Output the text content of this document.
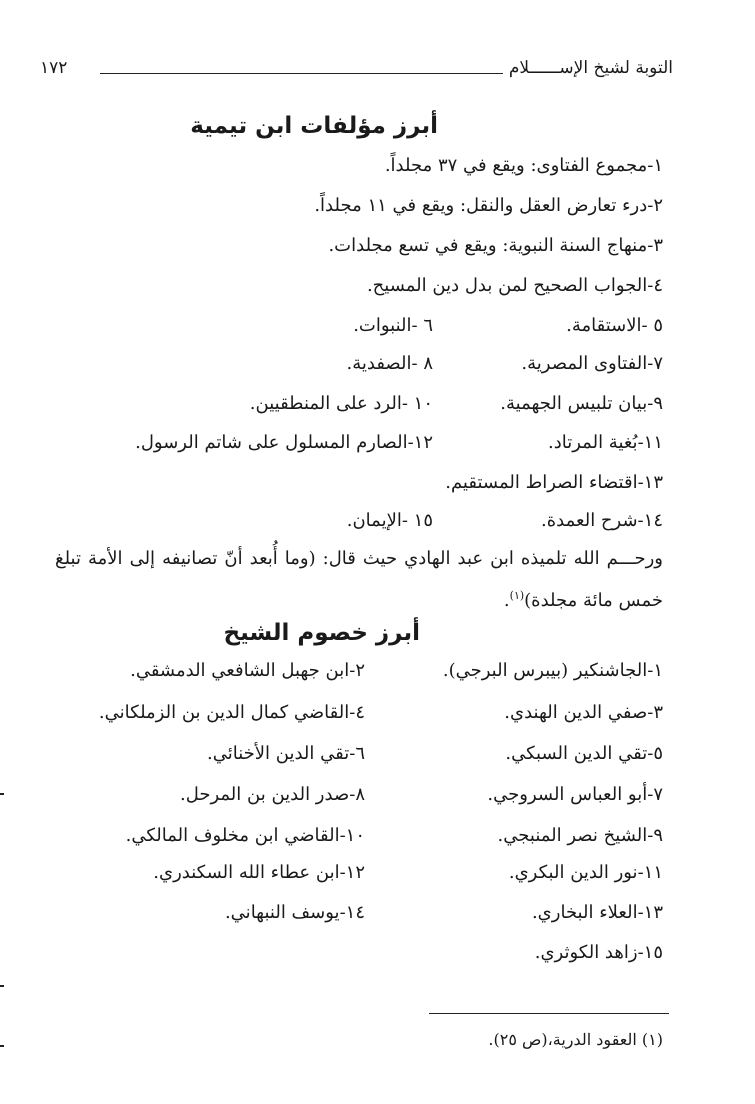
التوبة لشيخ الإســــــلام
١٧٢
أبرز مؤلفات ابن تيمية
١-مجموع الفتاوى: ويقع في ٣٧ مجلداً.
٢-درء تعارض العقل والنقل: ويقع في ١١ مجلداً.
٣-منهاج السنة النبوية: ويقع في تسع مجلدات.
٤-الجواب الصحيح لمن بدل دين المسيح.
٥ -الاستقامة.
٦ -النبوات.
٧-الفتاوى المصرية.
٨ -الصفدية.
٩-بيان تلبيس الجهمية.
١٠ -الرد على المنطقيين.
١١-بُغية المرتاد.
١٢-الصارم المسلول على شاتم الرسول.
١٣-اقتضاء الصراط المستقيم.
١٤-شرح العمدة.
١٥ -الإيمان.
ورحـــم الله تلميذه ابن عبد الهادي حيث قال: (وما أُبعد أنّ تصانيفه إلى الأمة تبلغ خمس مائة مجلدة)$^{(١)}$.
أبرز خصوم الشيخ
١-الجاشنكير (بيبرس البرجي).
٢-ابن جهبل الشافعي الدمشقي.
٣-صفي الدين الهندي.
٤-القاضي كمال الدين بن الزملكاني.
٥-تقي الدين السبكي.
٦-تقي الدين الأخنائي.
٧-أبو العباس السروجي.
٨-صدر الدين بن المرحل.
٩-الشيخ نصر المنبجي.
١٠-القاضي ابن مخلوف المالكي.
١١-نور الدين البكري.
١٢-ابن عطاء الله السكندري.
١٣-العلاء البخاري.
١٤-يوسف النبهاني.
١٥-زاهد الكوثري.
(١) العقود الدرية،(ص ٢٥).
